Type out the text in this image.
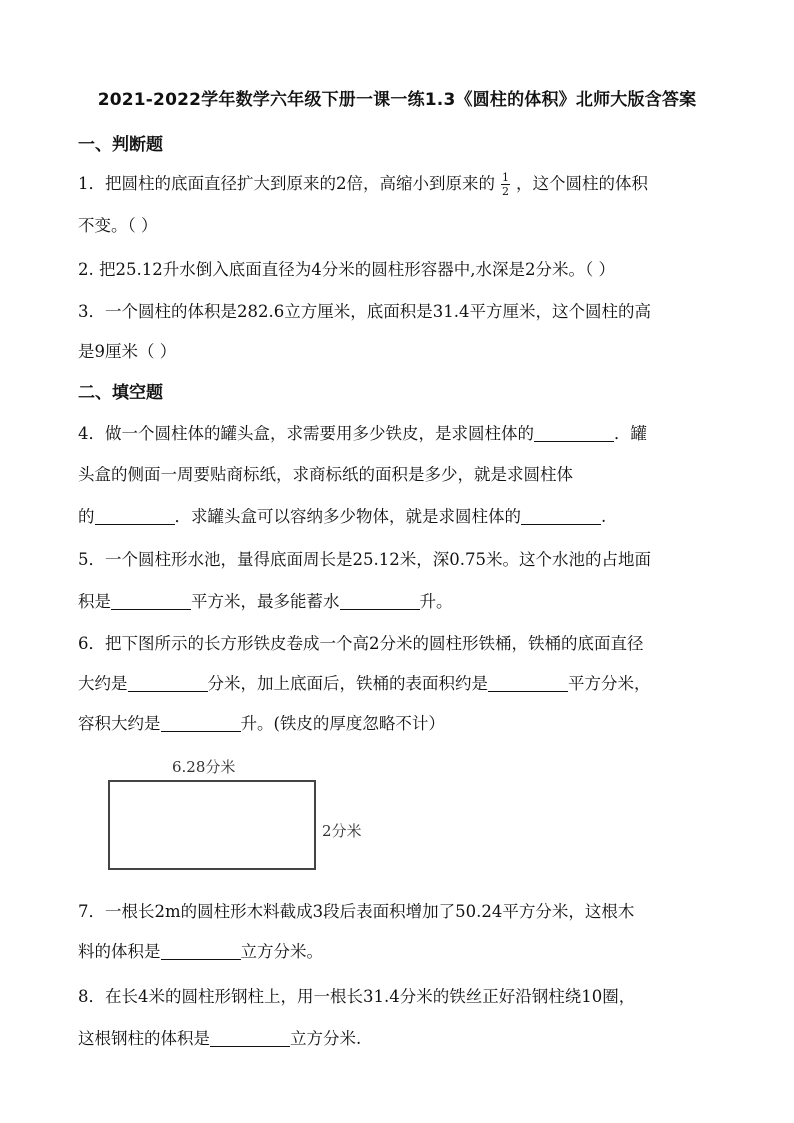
2021-2022学年数学六年级下册一课一练1.3《圆柱的体积》北师大版含答案
一、判断题
1．把圆柱的底面直径扩大到原来的2倍，高缩小到原来的 $\frac{1}{2}$ ，这个圆柱的体积
不变。（ ）
2. 把25.12升水倒入底面直径为4分米的圆柱形容器中,水深是2分米。（ ）
3．一个圆柱的体积是282.6立方厘米，底面积是31.4平方厘米，这个圆柱的高
是9厘米（ ）
二、填空题
4．做一个圆柱体的罐头盒，求需要用多少铁皮，是求圆柱体的	．罐
头盒的侧面一周要贴商标纸，求商标纸的面积是多少，就是求圆柱体
的	．求罐头盒可以容纳多少物体，就是求圆柱体的	.
5．一个圆柱形水池，量得底面周长是25.12米，深0.75米。这个水池的占地面
积是	平方米，最多能蓄水	升。
6．把下图所示的长方形铁皮卷成一个高2分米的圆柱形铁桶，铁桶的底面直径
大约是	分米，加上底面后，铁桶的表面积约是	平方分米，
容积大约是	升。(铁皮的厚度忽略不计）
6.28分米
2分米
7．一根长2m的圆柱形木料截成3段后表面积增加了50.24平方分米，这根木
料的体积是	立方分米。
8．在长4米的圆柱形钢柱上，用一根长31.4分米的铁丝正好沿钢柱绕10圈，
这根钢柱的体积是	立方分米.
